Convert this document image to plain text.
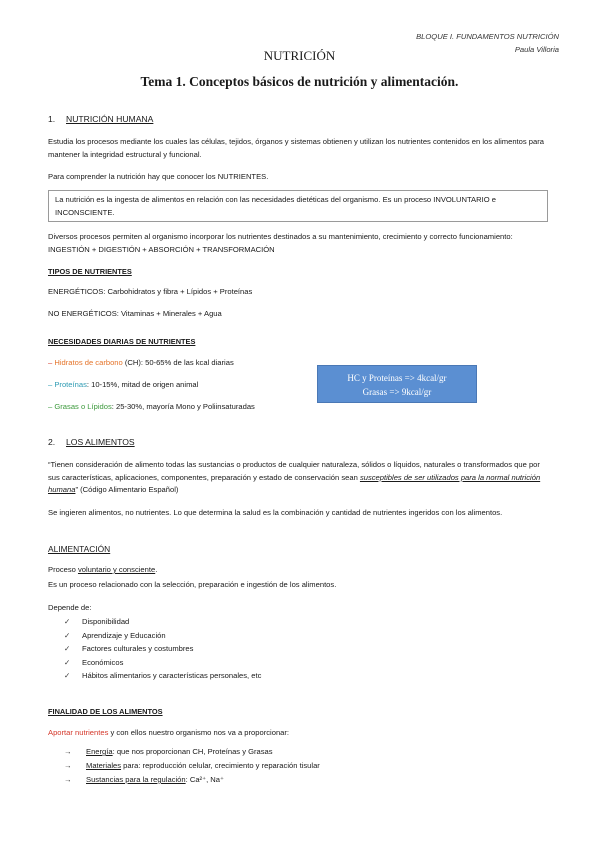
BLOQUE I. FUNDAMENTOS NUTRICIÓN
Paula Villoria
NUTRICIÓN
Tema 1. Conceptos básicos de nutrición y alimentación.
1. NUTRICIÓN HUMANA
Estudia los procesos mediante los cuales las células, tejidos, órganos y sistemas obtienen y utilizan los nutrientes contenidos en los alimentos para mantener la integridad estructural y funcional.
Para comprender la nutrición hay que conocer los NUTRIENTES.
La nutrición es la ingesta de alimentos en relación con las necesidades dietéticas del organismo. Es un proceso INVOLUNTARIO e INCONSCIENTE.
Diversos procesos permiten al organismo incorporar los nutrientes destinados a su mantenimiento, crecimiento y correcto funcionamiento: INGESTIÓN + DIGESTIÓN + ABSORCIÓN + TRANSFORMACIÓN
TIPOS DE NUTRIENTES
ENERGÉTICOS: Carbohidratos y fibra + Lípidos + Proteínas
NO ENERGÉTICOS: Vitaminas + Minerales + Agua
NECESIDADES DIARIAS DE NUTRIENTES
– Hidratos de carbono (CH): 50-65% de las kcal diarias
– Proteínas: 10-15%, mitad de origen animal
– Grasas o Lípidos: 25-30%, mayoría Mono y Poliinsaturadas
HC y Proteínas => 4kcal/gr
Grasas => 9kcal/gr
2. LOS ALIMENTOS
“Tienen consideración de alimento todas las sustancias o productos de cualquier naturaleza, sólidos o líquidos, naturales o transformados que por sus características, aplicaciones, componentes, preparación y estado de conservación sean susceptibles de ser utilizados para la normal nutrición humana” (Código Alimentario Español)
Se ingieren alimentos, no nutrientes. Lo que determina la salud es la combinación y cantidad de nutrientes ingeridos con los alimentos.
ALIMENTACIÓN
Proceso voluntario y consciente.
Es un proceso relacionado con la selección, preparación e ingestión de los alimentos.
Depende de:
✓ Disponibilidad
✓ Aprendizaje y Educación
✓ Factores culturales y costumbres
✓ Económicos
✓ Hábitos alimentarios y características personales, etc
FINALIDAD DE LOS ALIMENTOS
Aportar nutrientes y con ellos nuestro organismo nos va a proporcionar:
→ Energía: que nos proporcionan CH, Proteínas y Grasas
→ Materiales para: reproducción celular, crecimiento y reparación tisular
→ Sustancias para la regulación: Ca²⁺, Na⁺
